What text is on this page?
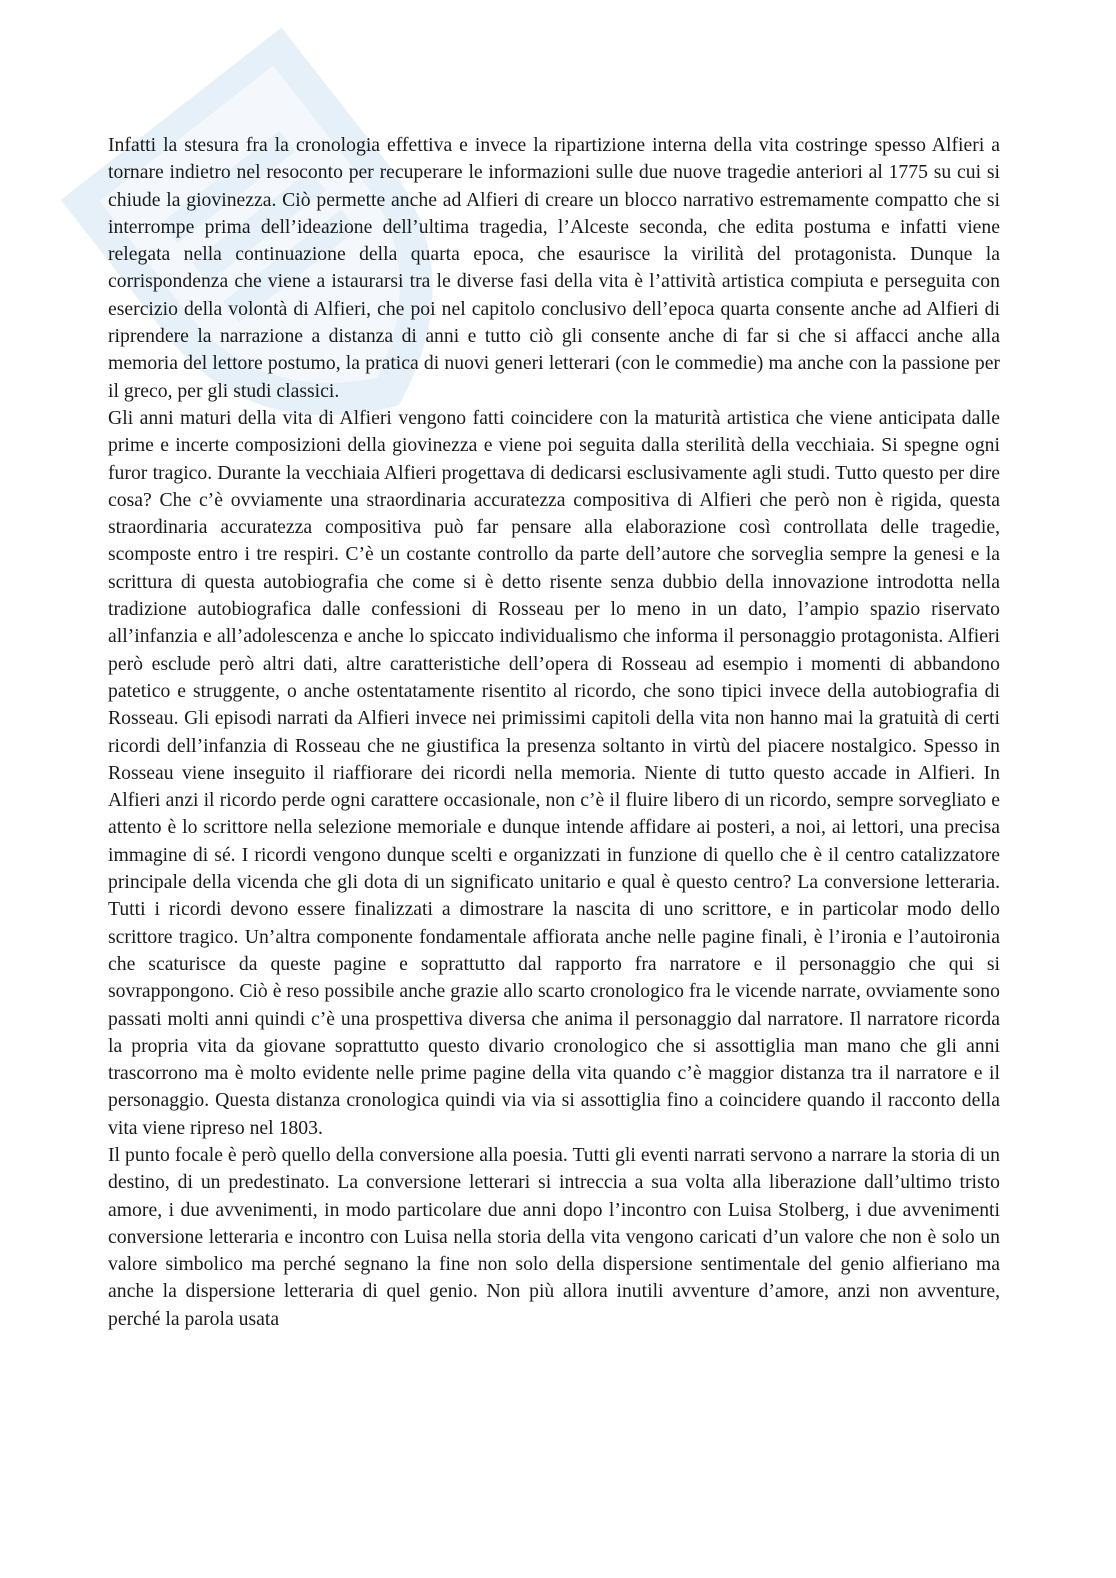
Infatti la stesura fra la cronologia effettiva e invece la ripartizione interna della vita costringe spesso Alfieri a tornare indietro nel resoconto per recuperare le informazioni sulle due nuove tragedie anteriori al 1775 su cui si chiude la giovinezza. Ciò permette anche ad Alfieri di creare un blocco narrativo estremamente compatto che si interrompe prima dell’ideazione dell’ultima tragedia, l’Alceste seconda, che edita postuma e infatti viene relegata nella continuazione della quarta epoca, che esaurisce la virilità del protagonista. Dunque la corrispondenza che viene a istaurarsi tra le diverse fasi della vita è l’attività artistica compiuta e perseguita con esercizio della volontà di Alfieri, che poi nel capitolo conclusivo dell’epoca quarta consente anche ad Alfieri di riprendere la narrazione a distanza di anni e tutto ciò gli consente anche di far si che si affacci anche alla memoria del lettore postumo, la pratica di nuovi generi letterari (con le commedie) ma anche con la passione per il greco, per gli studi classici.

Gli anni maturi della vita di Alfieri vengono fatti coincidere con la maturità artistica che viene anticipata dalle prime e incerte composizioni della giovinezza e viene poi seguita dalla sterilità della vecchiaia. Si spegne ogni furor tragico. Durante la vecchiaia Alfieri progettava di dedicarsi esclusivamente agli studi. Tutto questo per dire cosa? Che c’è ovviamente una straordinaria accuratezza compositiva di Alfieri che però non è rigida, questa straordinaria accuratezza compositiva può far pensare alla elaborazione così controllata delle tragedie, scomposte entro i tre respiri. C’è un costante controllo da parte dell’autore che sorveglia sempre la genesi e la scrittura di questa autobiografia che come si è detto risente senza dubbio della innovazione introdotta nella tradizione autobiografica dalle confessioni di Rosseau per lo meno in un dato, l’ampio spazio riservato all’infanzia e all’adolescenza e anche lo spiccato individualismo che informa il personaggio protagonista. Alfieri però esclude però altri dati, altre caratteristiche dell’opera di Rosseau ad esempio i momenti di abbandono patetico e struggente, o anche ostentatamente risentito al ricordo, che sono tipici invece della autobiografia di Rosseau. Gli episodi narrati da Alfieri invece nei primissimi capitoli della vita non hanno mai la gratuità di certi ricordi dell’infanzia di Rosseau che ne giustifica la presenza soltanto in virtù del piacere nostalgico. Spesso in Rosseau viene inseguito il riaffiorare dei ricordi nella memoria. Niente di tutto questo accade in Alfieri. In Alfieri anzi il ricordo perde ogni carattere occasionale, non c’è il fluire libero di un ricordo, sempre sorvegliato e attento è lo scrittore nella selezione memoriale e dunque intende affidare ai posteri, a noi, ai lettori, una precisa immagine di sé. I ricordi vengono dunque scelti e organizzati in funzione di quello che è il centro catalizzatore principale della vicenda che gli dota di un significato unitario e qual è questo centro? La conversione letteraria. Tutti i ricordi devono essere finalizzati a dimostrare la nascita di uno scrittore, e in particolar modo dello scrittore tragico. Un’altra componente fondamentale affiorata anche nelle pagine finali, è l’ironia e l’autoironia che scaturisce da queste pagine e soprattutto dal rapporto fra narratore e il personaggio che qui si sovrappongono. Ciò è reso possibile anche grazie allo scarto cronologico fra le vicende narrate, ovviamente sono passati molti anni quindi c’è una prospettiva diversa che anima il personaggio dal narratore. Il narratore ricorda la propria vita da giovane soprattutto questo divario cronologico che si assottiglia man mano che gli anni trascorrono ma è molto evidente nelle prime pagine della vita quando c’è maggior distanza tra il narratore e il personaggio. Questa distanza cronologica quindi via via si assottiglia fino a coincidere quando il racconto della vita viene ripreso nel 1803.

Il punto focale è però quello della conversione alla poesia. Tutti gli eventi narrati servono a narrare la storia di un destino, di un predestinato. La conversione letterari si intreccia a sua volta alla liberazione dall’ultimo tristo amore, i due avvenimenti, in modo particolare due anni dopo l’incontro con Luisa Stolberg, i due avvenimenti conversione letteraria e incontro con Luisa nella storia della vita vengono caricati d’un valore che non è solo un valore simbolico ma perché segnano la fine non solo della dispersione sentimentale del genio alfieriano ma anche la dispersione letteraria di quel genio. Non più allora inutili avventure d’amore, anzi non avventure, perché la parola usata
